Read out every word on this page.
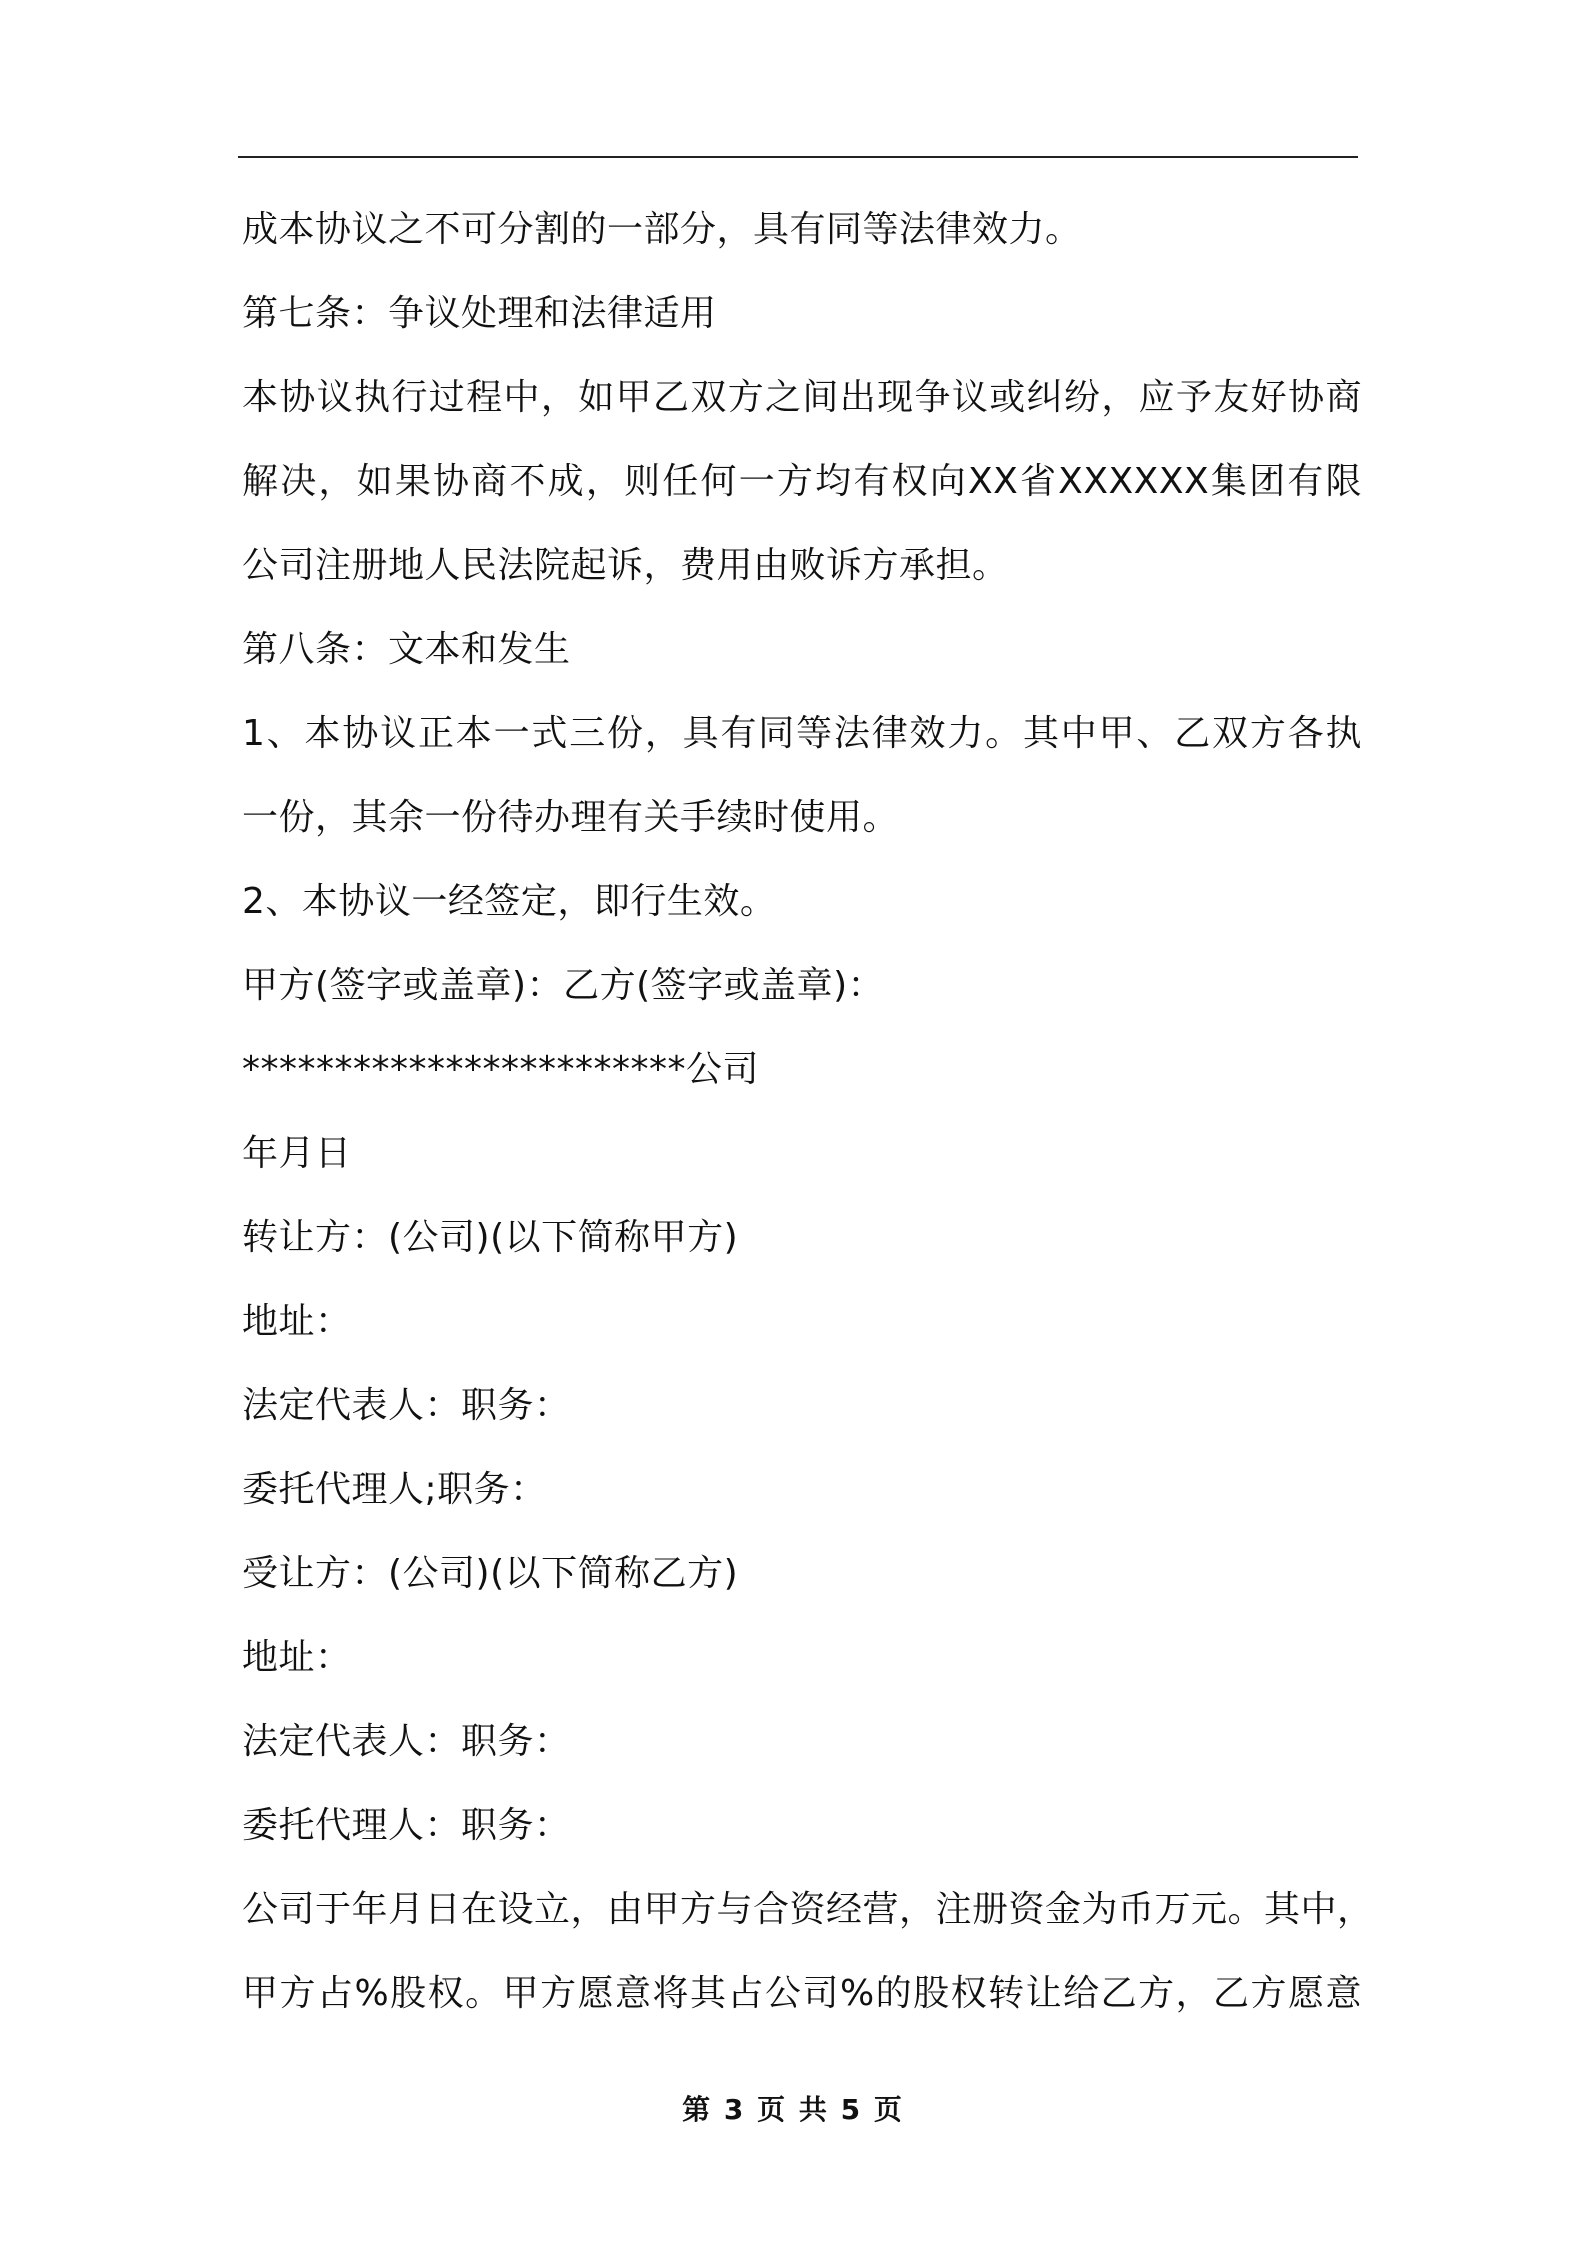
成本协议之不可分割的一部分，具有同等法律效力。
第七条：争议处理和法律适用
本协议执行过程中，如甲乙双方之间出现争议或纠纷，应予友好协商
解决，如果协商不成，则任何一方均有权向XX省XXXXXX集团有限
公司注册地人民法院起诉，费用由败诉方承担。
第八条：文本和发生
1、本协议正本一式三份，具有同等法律效力。其中甲、乙双方各执
一份，其余一份待办理有关手续时使用。
2、本协议一经签定，即行生效。
甲方(签字或盖章)：乙方(签字或盖章)：
************************公司
年月日
转让方：(公司)(以下简称甲方)
地址：
法定代表人：职务：
委托代理人;职务：
受让方：(公司)(以下简称乙方)
地址：
法定代表人：职务：
委托代理人：职务：
公司于年月日在设立，由甲方与合资经营，注册资金为币万元。其中，
甲方占%股权。甲方愿意将其占公司%的股权转让给乙方，乙方愿意
第 3 页 共 5 页
